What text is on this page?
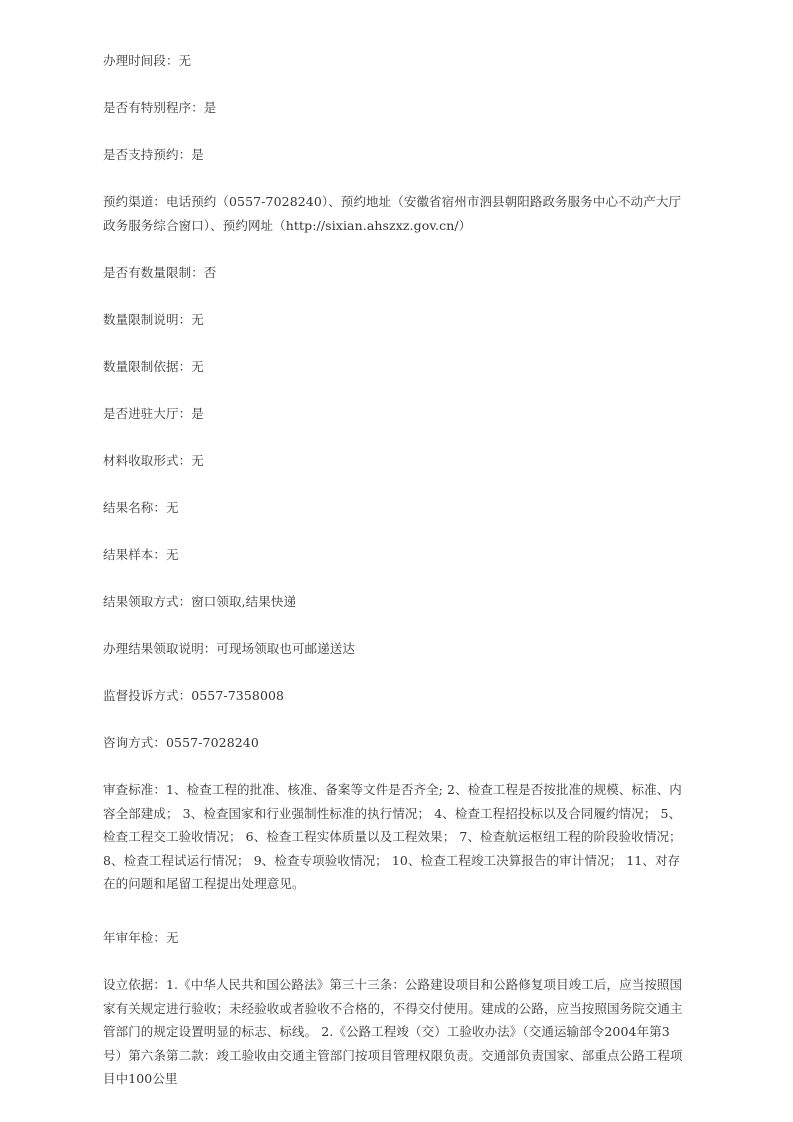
办理时间段：无
是否有特别程序：是
是否支持预约：是
预约渠道：电话预约（0557-7028240）、预约地址（安徽省宿州市泗县朝阳路政务服务中心不动产大厅政务服务综合窗口）、预约网址（http://sixian.ahszxz.gov.cn/）
是否有数量限制：否
数量限制说明：无
数量限制依据：无
是否进驻大厅：是
材料收取形式：无
结果名称：无
结果样本：无
结果领取方式：窗口领取,结果快递
办理结果领取说明：可现场领取也可邮递送达
监督投诉方式：0557-7358008
咨询方式：0557-7028240
审查标准：1、检查工程的批准、核准、备案等文件是否齐全; 2、检查工程是否按批准的规模、标准、内容全部建成； 3、检查国家和行业强制性标准的执行情况； 4、检查工程招投标以及合同履约情况； 5、检查工程交工验收情况； 6、检查工程实体质量以及工程效果； 7、检查航运枢纽工程的阶段验收情况； 8、检查工程试运行情况； 9、检查专项验收情况； 10、检查工程竣工决算报告的审计情况； 11、对存在的问题和尾留工程提出处理意见。
年审年检：无
设立依据：1.《中华人民共和国公路法》第三十三条：公路建设项目和公路修复项目竣工后，应当按照国家有关规定进行验收；未经验收或者验收不合格的，不得交付使用。建成的公路，应当按照国务院交通主管部门的规定设置明显的标志、标线。 2.《公路工程竣（交）工验收办法》（交通运输部令2004年第3号）第六条第二款：竣工验收由交通主管部门按项目管理权限负责。交通部负责国家、部重点公路工程项目中100公里
